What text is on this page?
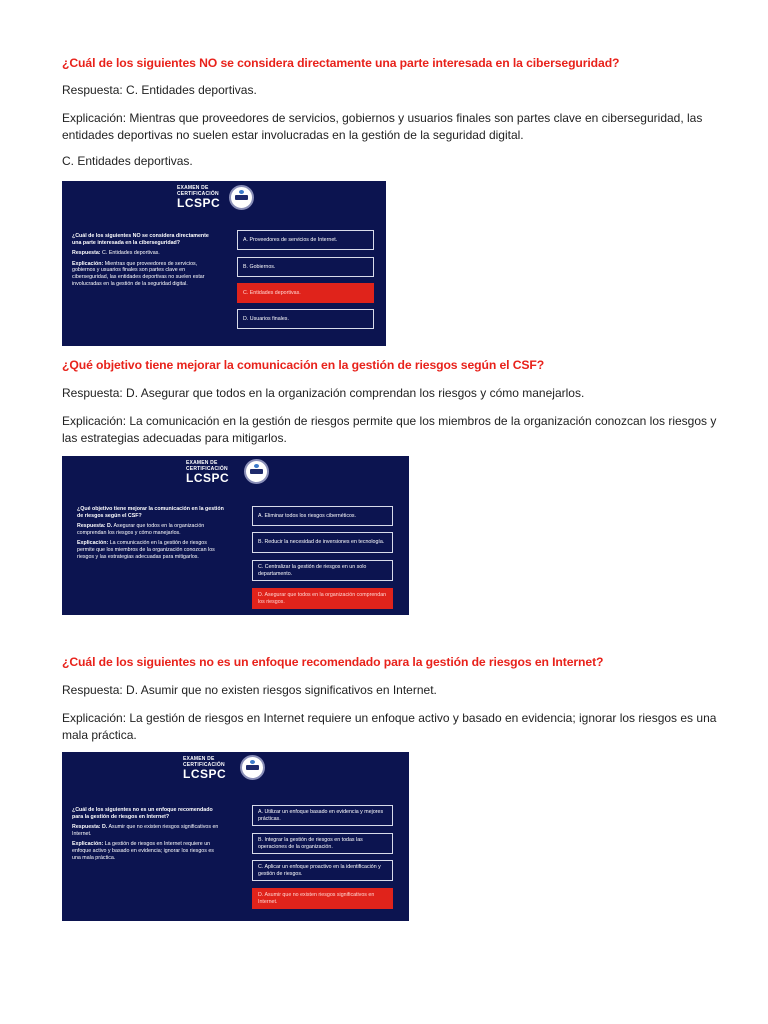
¿Cuál de los siguientes NO se considera directamente una parte interesada en la ciberseguridad?

Respuesta: C. Entidades deportivas.

Explicación: Mientras que proveedores de servicios, gobiernos y usuarios finales son partes clave en ciberseguridad, las entidades deportivas no suelen estar involucradas en la gestión de la seguridad digital.

C. Entidades deportivas.

EXAMEN DE CERTIFICACIÓN
LCSPC

¿Cuál de los siguientes NO se considera directamente una parte interesada en la ciberseguridad?

Respuesta: C. Entidades deportivas.

Explicación: Mientras que proveedores de servicios, gobiernos y usuarios finales son partes clave en ciberseguridad, las entidades deportivas no suelen estar involucradas en la gestión de la seguridad digital.

A. Proveedores de servicios de Internet.
B. Gobiernos.
C. Entidades deportivas.
D. Usuarios finales.

¿Qué objetivo tiene mejorar la comunicación en la gestión de riesgos según el CSF?

Respuesta: D. Asegurar que todos en la organización comprendan los riesgos y cómo manejarlos.

Explicación: La comunicación en la gestión de riesgos permite que los miembros de la organización conozcan los riesgos y las estrategias adecuadas para mitigarlos.

EXAMEN DE CERTIFICACIÓN
LCSPC

¿Qué objetivo tiene mejorar la comunicación en la gestión de riesgos según el CSF?

Respuesta: D. Asegurar que todos en la organización comprendan los riesgos y cómo manejarlos.

Explicación: La comunicación en la gestión de riesgos permite que los miembros de la organización conozcan los riesgos y las estrategias adecuadas para mitigarlos.

A. Eliminar todos los riesgos cibernéticos.
B. Reducir la necesidad de inversiones en tecnología.
C. Centralizar la gestión de riesgos en un solo departamento.
D. Asegurar que todos en la organización comprendan los riesgos.

¿Cuál de los siguientes no es un enfoque recomendado para la gestión de riesgos en Internet?

Respuesta: D. Asumir que no existen riesgos significativos en Internet.

Explicación: La gestión de riesgos en Internet requiere un enfoque activo y basado en evidencia; ignorar los riesgos es una mala práctica.

EXAMEN DE CERTIFICACIÓN
LCSPC

¿Cuál de los siguientes no es un enfoque recomendado para la gestión de riesgos en Internet?

Respuesta: D. Asumir que no existen riesgos significativos en Internet.

Explicación: La gestión de riesgos en Internet requiere un enfoque activo y basado en evidencia; ignorar los riesgos es una mala práctica.

A. Utilizar un enfoque basado en evidencia y mejores prácticas.
B. Integrar la gestión de riesgos en todas las operaciones de la organización.
C. Aplicar un enfoque proactivo en la identificación y gestión de riesgos.
D. Asumir que no existen riesgos significativos en Internet.
